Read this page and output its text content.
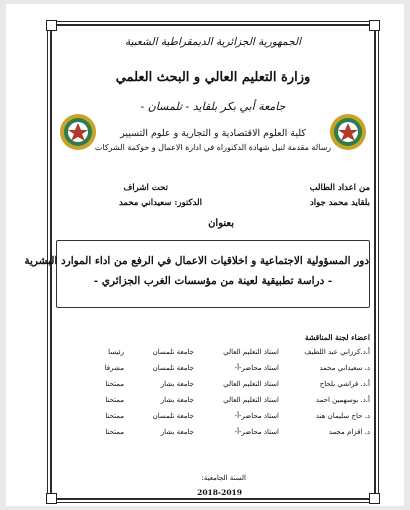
الجمهورية الجزائرية الديمقراطية الشعبية
وزارة التعليم العالي و البحث العلمي
جامعة أبي بكر بلقايد - تلمسان -
كلية العلوم الاقتصادية و التجارية و علوم التسيير
رسالة مقدمة لنيل شهادة الدكتوراه في ادارة الاعمال و حوكمة الشركات
من اعداد الطالب
بلقايد محمد جواد
تحت اشراف
الدكتور: سعيداني محمد
بعنوان
دور المسؤولية الاجتماعية و اخلاقيات الاعمال في الرفع من اداء الموارد البشرية
- دراسة تطبيقية لعينة من مؤسسات الغرب الجزائري -
اعضاء لجنة المناقشة
أ.د.كرزابي عبد اللطيف
استاذ التعليم العالي
جامعة تلمسان
رئيسا
د. سعيداني محمد
استاذ محاضر-أ-
جامعة تلمسان
مشرفا
أ.د. قراشي بلحاج
استاذ التعليم العالي
جامعة بشار
ممتحنا
أ.د. بوسهمين احمد
استاذ التعليم العالي
جامعة بشار
ممتحنا
د. حاج سليمان هند
استاذ محاضر-أ-
جامعة تلمسان
ممتحنا
د. اقزام محمد
استاذ محاضر-أ-
جامعة بشار
ممتحنا
السنة الجامعية:
2018-2019
